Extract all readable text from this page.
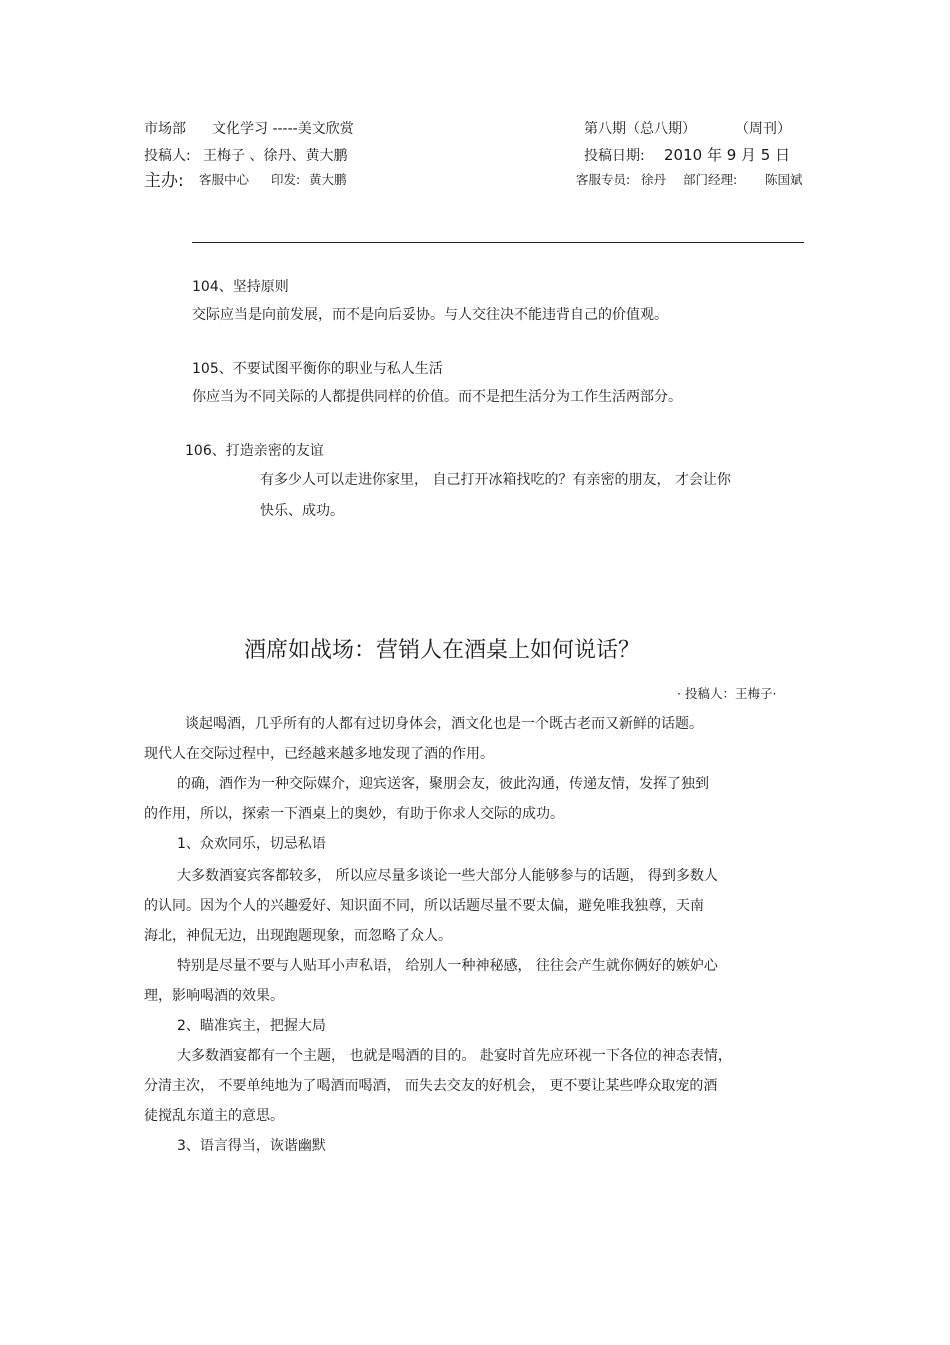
市场部 文化学习 -----美文欣赏	第八期（总八期）	（周刊）
投稿人: 王梅子 、徐丹、黄大鹏	投稿日期: 2010 年 9 月 5 日
主办: 客服中心 印发: 黄大鹏	客服专员: 徐丹 部门经理: 陈国斌
104、坚持原则
交际应当是向前发展，而不是向后妥协。与人交往决不能违背自己的价值观。
105、不要试图平衡你的职业与私人生活
你应当为不同关际的人都提供同样的价值。而不是把生活分为工作生活两部分。
106、打造亲密的友谊
有多少人可以走进你家里， 自己打开冰箱找吃的？有亲密的朋友， 才会让你
快乐、成功。
酒席如战场：营销人在酒桌上如何说话？
· 投稿人：王梅子·
谈起喝酒，几乎所有的人都有过切身体会，酒文化也是一个既古老而又新鲜的话题。
现代人在交际过程中，已经越来越多地发现了酒的作用。
的确，酒作为一种交际媒介，迎宾送客，聚朋会友，彼此沟通，传递友情，发挥了独到
的作用，所以，探索一下酒桌上的奥妙，有助于你求人交际的成功。
1、众欢同乐，切忌私语
大多数酒宴宾客都较多， 所以应尽量多谈论一些大部分人能够参与的话题， 得到多数人
的认同。因为个人的兴趣爱好、知识面不同，所以话题尽量不要太偏，避免唯我独尊，天南
海北，神侃无边，出现跑题现象，而忽略了众人。
特别是尽量不要与人贴耳小声私语， 给别人一种神秘感， 往往会产生就你俩好的嫉妒心
理，影响喝酒的效果。
2、瞄准宾主，把握大局
大多数酒宴都有一个主题， 也就是喝酒的目的。 赴宴时首先应环视一下各位的神态表情，
分清主次， 不要单纯地为了喝酒而喝酒， 而失去交友的好机会， 更不要让某些哗众取宠的酒
徒搅乱东道主的意思。
3、语言得当，诙谐幽默
